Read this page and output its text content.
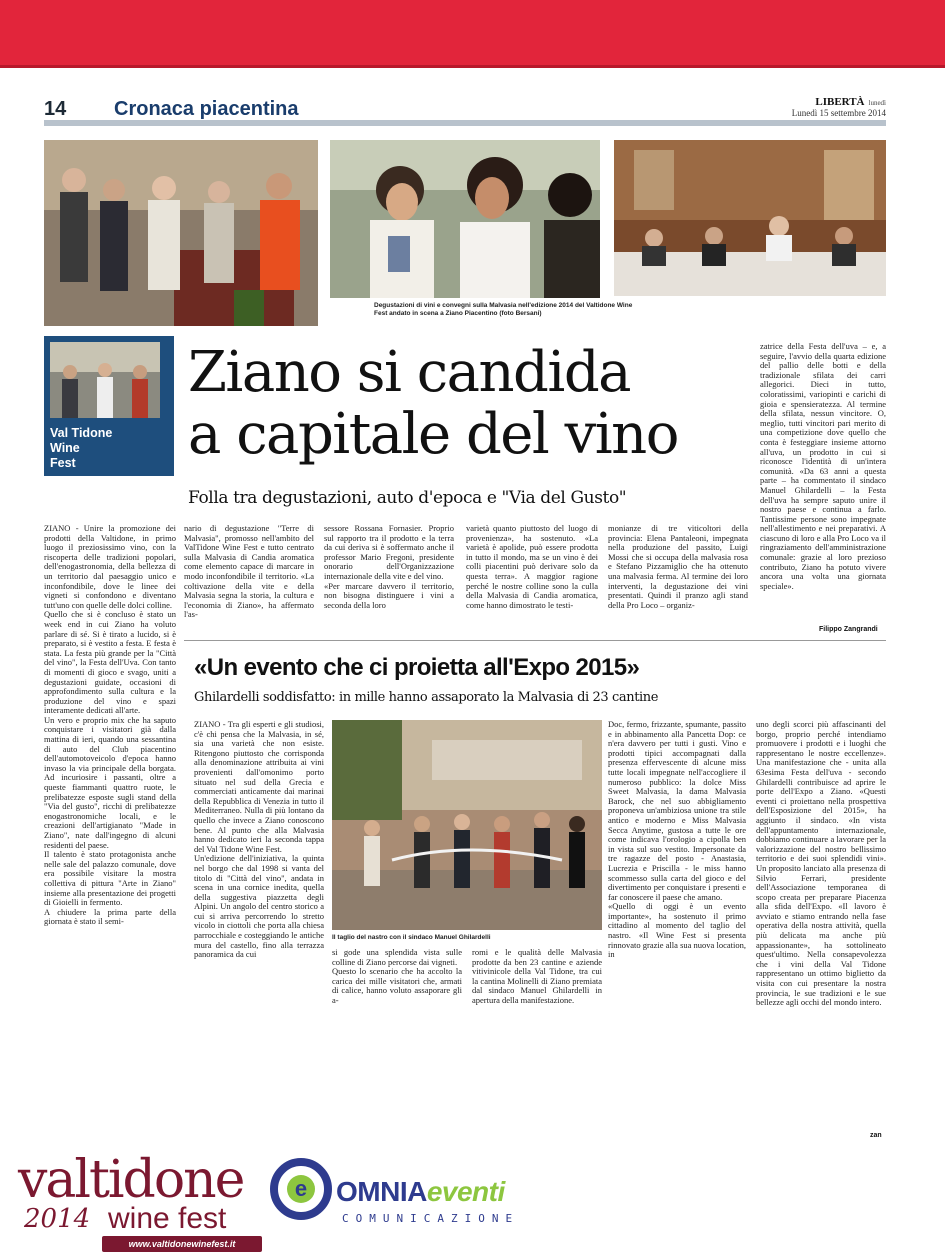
14 Cronaca piacentina	LIBERTÀ lunedì
Lunedì 15 settembre 2014
Degustazioni di vini e convegni sulla Malvasia nell'edizione 2014 del Valtidone Wine Fest andato in scena a Ziano Piacentino (foto Bersani)
Val Tidone
Wine
Fest
Ziano si candida
a capitale del vino
Folla tra degustazioni, auto d'epoca e "Via del Gusto"
zatrice della Festa dell'uva – e, a seguire, l'avvio della quarta edizione del pallio delle botti e della tradizionale sfilata dei carri allegorici. Dieci in tutto, coloratissimi, variopinti e carichi di gioia e spensieratezza. Al termine della sfilata, nessun vincitore. O, meglio, tutti vincitori pari merito di una competizione dove quello che conta è festeggiare insieme attorno all'uva, un prodotto in cui si riconosce l'identità di un'intera comunità. «Da 63 anni a questa parte – ha commentato il sindaco Manuel Ghilardelli – la Festa dell'uva ha sempre saputo unire il nostro paese e continua a farlo. Tantissime persone sono impegnate nell'allestimento e nei preparativi. A ciascuno di loro e alla Pro Loco va il ringraziamento dell'amministrazione comunale: grazie al loro prezioso contributo, Ziano ha potuto vivere ancora una volta una giornata speciale».
Filippo Zangrandi
ZIANO - Unire la promozione dei prodotti della Valtidone, in primo luogo il preziosissimo vino, con la riscoperta delle tradizioni popolari, dell'enogastronomia, della bellezza di un territorio dal paesaggio unico e inconfondibile, dove le linee dei vigneti si confondono e diventano tutt'uno con quelle delle dolci colline.
Quello che si è concluso è stato un week end in cui Ziano ha voluto parlare di sé. Si è tirato a lucido, si è preparato, si è vestito a festa. E festa è stata. La festa più grande per la "Città del vino", la Festa dell'Uva. Con tanto di momenti di gioco e svago, uniti a degustazioni guidate, occasioni di approfondimento sulla cultura e la produzione del vino e spazi interamente dedicati all'arte.
Un vero e proprio mix che ha saputo conquistare i visitatori già dalla mattina di ieri, quando una sessantina di auto del Club piacentino dell'automotoveicolo d'epoca hanno invaso la via principale della borgata. Ad incuriosire i passanti, oltre a queste fiammanti quattro ruote, le prelibatezze esposte sugli stand della "Via del gusto", ricchi di prelibatezze enogastronomiche locali, e le creazioni dell'artigianato "Made in Ziano", nate dall'ingegno di alcuni residenti del paese.
Il talento è stato protagonista anche nelle sale del palazzo comunale, dove era possibile visitare la mostra collettiva di pittura "Arte in Ziano" insieme alla presentazione dei progetti di Gioielli in fermento.
A chiudere la prima parte della giornata è stato il semi-
nario di degustazione "Terre di Malvasia", promosso nell'ambito del ValTidone Wine Fest e tutto centrato sulla Malvasia di Candia aromatica come elemento capace di marcare in modo inconfondibile il territorio. «La coltivazione della vite e della Malvasia segna la storia, la cultura e l'economia di Ziano», ha affermato l'as-
sessore Rossana Fornasier. Proprio sul rapporto tra il prodotto e la terra da cui deriva si è soffermato anche il professor Mario Fregoni, presidente onorario dell'Organizzazione internazionale della vite e del vino.
«Per marcare davvero il territorio, non bisogna distinguere i vini a seconda della loro
varietà quanto piuttosto del luogo di provenienza», ha sostenuto. «La varietà è apolide, può essere prodotta in tutto il mondo, ma se un vino è dei colli piacentini può derivare solo da questa terra». A maggior ragione perché le nostre colline sono la culla della Malvasia di Candia aromatica, come hanno dimostrato le testi-
monianze di tre viticoltori della provincia: Elena Pantaleoni, impegnata nella produzione del passito, Luigi Mossi che si occupa della malvasia rosa e Stefano Pizzamiglio che ha ottenuto una malvasia ferma. Al termine dei loro interventi, la degustazione dei vini presentati. Quindi il pranzo agli stand della Pro Loco – organiz-
«Un evento che ci proietta all'Expo 2015»
Ghilardelli soddisfatto: in mille hanno assaporato la Malvasia di 23 cantine
ZIANO - Tra gli esperti e gli studiosi, c'è chi pensa che la Malvasia, in sé, sia una varietà che non esiste. Ritengono piuttosto che corrisponda alla denominazione attribuita ai vini provenienti dall'omonimo porto situato nel sud della Grecia e commerciati anticamente dai marinai della Repubblica di Venezia in tutto il Mediterraneo. Nulla di più lontano da quello che invece a Ziano conoscono bene. Al punto che alla Malvasia hanno dedicato ieri la seconda tappa del Val Tidone Wine Fest.
Un'edizione dell'iniziativa, la quinta nel borgo che dal 1998 si vanta del titolo di "Città del vino", andata in scena in una cornice inedita, quella della suggestiva piazzetta degli Alpini. Un angolo del centro storico a cui si arriva percorrendo lo stretto vicolo in ciottoli che porta alla chiesa parrocchiale e costeggiando le antiche mura del castello, fino alla terrazza panoramica da cui
Il taglio del nastro con il sindaco Manuel Ghilardelli
si gode una splendida vista sulle colline di Ziano percorse dai vigneti.
Questo lo scenario che ha accolto la carica dei mille visitatori che, armati di calice, hanno voluto assaporare gli a-
romi e le qualità delle Malvasia prodotte da ben 23 cantine e aziende vitivinicole della Val Tidone, tra cui la cantina Molinelli di Ziano premiata dal sindaco Manuel Ghilardelli in apertura della manifestazione.
Doc, fermo, frizzante, spumante, passito e in abbinamento alla Pancetta Dop: ce n'era davvero per tutti i gusti. Vino e prodotti tipici accompagnati dalla presenza effervescente di alcune miss tutte locali impegnate nell'accogliere il numeroso pubblico: la dolce Miss Sweet Malvasia, la dama Malvasia Barock, che nel suo abbigliamento proponeva un'ambiziosa unione tra stile antico e moderno e Miss Malvasia Secca Anytime, gustosa a tutte le ore come indicava l'orologio a cipolla ben in vista sul suo vestito. Impersonate da tre ragazze del posto - Anastasia, Lucrezia e Priscilla - le miss hanno scommesso sulla carta del gioco e del divertimento per conquistare i presenti e far conoscere il paese che amano.
«Quello di oggi è un evento importante», ha sostenuto il primo cittadino al momento del taglio del nastro. «Il Wine Fest si presenta rinnovato grazie alla sua nuova location, in
uno degli scorci più affascinanti del borgo, proprio perché intendiamo promuovere i prodotti e i luoghi che rappresentano le nostre eccellenze». Una manifestazione che - unita alla 63esima Festa dell'uva - secondo Ghilardelli contribuisce ad aprire le porte dell'Expo a Ziano. «Questi eventi ci proiettano nella prospettiva dell'Esposizione del 2015», ha aggiunto il sindaco. «In vista dell'appuntamento internazionale, dobbiamo continuare a lavorare per la valorizzazione del nostro bellissimo territorio e dei suoi splendidi vini». Un proposito lanciato alla presenza di Silvio Ferrari, presidente dell'Associazione temporanea di scopo creata per preparare Piacenza alla sfida dell'Expo. «Il lavoro è avviato e stiamo entrando nella fase operativa della nostra attività, quella più delicata ma anche più appassionante», ha sottolineato quest'ultimo. Nella consapevolezza che i vini della Val Tidone rappresentano un ottimo biglietto da visita con cui presentare la nostra provincia, le sue tradizioni e le sue bellezze agli occhi del mondo intero.
zan
valtidone
2014 wine fest
www.valtidonewinefest.it
e OMNIAeventi
COMUNICAZIONE
